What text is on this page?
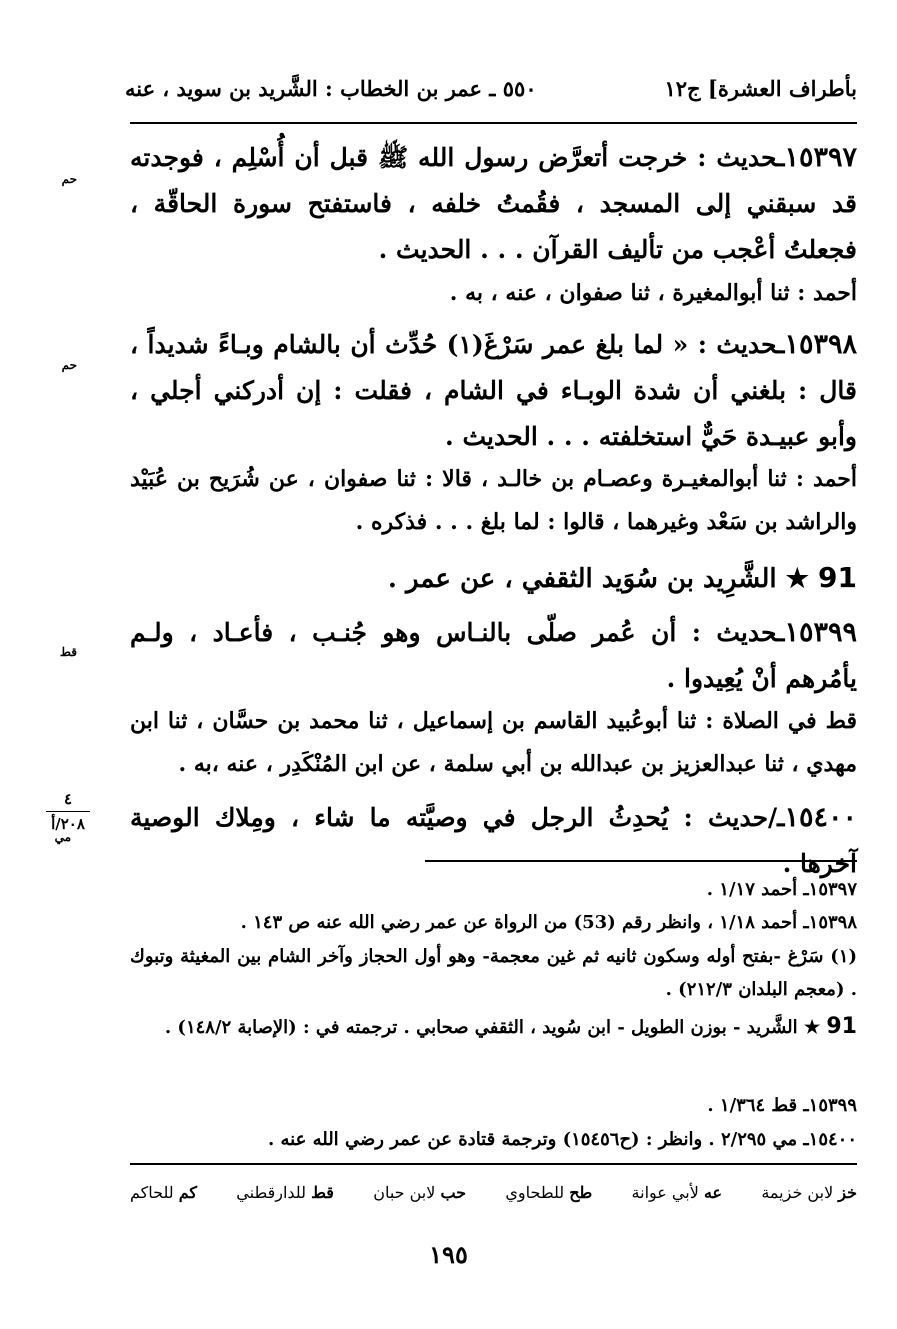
بأطراف العشرة] ج١٢
٥٥٠ ـ عمر بن الخطاب : الشَّريد بن سويد ، عنه
١٥٣٩٧ـحديث : خرجت أتعرَّض رسول الله ﷺ قبل أن أُسْلِم ، فوجدته قد سبقني إلى المسجد ، فقُمتُ خلفه ، فاستفتح سورة الحاقّة ، فجعلتُ أعْجب من تأليف القرآن . . . الحديث .
حم
أحمد : ثنا أبوالمغيرة ، ثنا صفوان ، عنه ، به .
١٥٣٩٨ـحديث : « لما بلغ عمر سَرْغَ(١) حُدِّث أن بالشام وبـاءً شديداً ، قال : بلغني أن شدة الوبـاء في الشام ، فقلت : إن أدركني أجلي ، وأبو عبيـدة حَيٌّ استخلفته . . . الحديث .
حم
أحمد : ثنا أبوالمغيـرة وعصـام بن خالـد ، قالا : ثنا صفوان ، عن شُرَيح بن عُبَيْد والراشد بن سَعْد وغيرهما ، قالوا : لما بلغ . . . فذكره .
91 ★ الشَّرِيد بن سُوَيد الثقفي ، عن عمر .
١٥٣٩٩ـحديث : أن عُمر صلّى بالنـاس وهو جُنـب ، فأعـاد ، ولـم يأمُرهم أنْ يُعِيدوا .
قط
قط في الصلاة : ثنا أبوعُبيد القاسم بن إسماعيل ، ثنا محمد بن حسَّان ، ثنا ابن مهدي ، ثنا عبدالعزيز بن عبدالله بن أبي سلمة ، عن ابن المُنْكَدِر ، عنه ،به .
١٥٤٠٠ـ/حديث : يُحدِثُ الرجل في وصيَّته ما شاء ، ومِلاك الوصية آخرها .
مي
٤
٢٠٨/أ
١٥٣٩٧ـ أحمد ١/١٧ .
١٥٣٩٨ـ أحمد ١/١٨ ، وانظر رقم (53) من الرواة عن عمر رضي الله عنه ص ١٤٣ .
(١) سَرْغ -بفتح أوله وسكون ثانيه ثم غين معجمة- وهو أول الحجاز وآخر الشام بين المغيثة وتبوك . (معجم البلدان ٢١٢/٣) .
91 ★ الشَّريد - بوزن الطويل - ابن سُويد ، الثقفي صحابي . ترجمته في : (الإصابة ١٤٨/٢) .
١٥٣٩٩ـ قط ١/٣٦٤ .
١٥٤٠٠ـ مي ٢/٢٩٥ . وانظر : (ح١٥٤٥٦) وترجمة قتادة عن عمر رضي الله عنه .
خز لابن خزيمة
عه لأبي عوانة
طح للطحاوي
حب لابن حبان
قط للدارقطني
كم للحاكم
١٩٥
